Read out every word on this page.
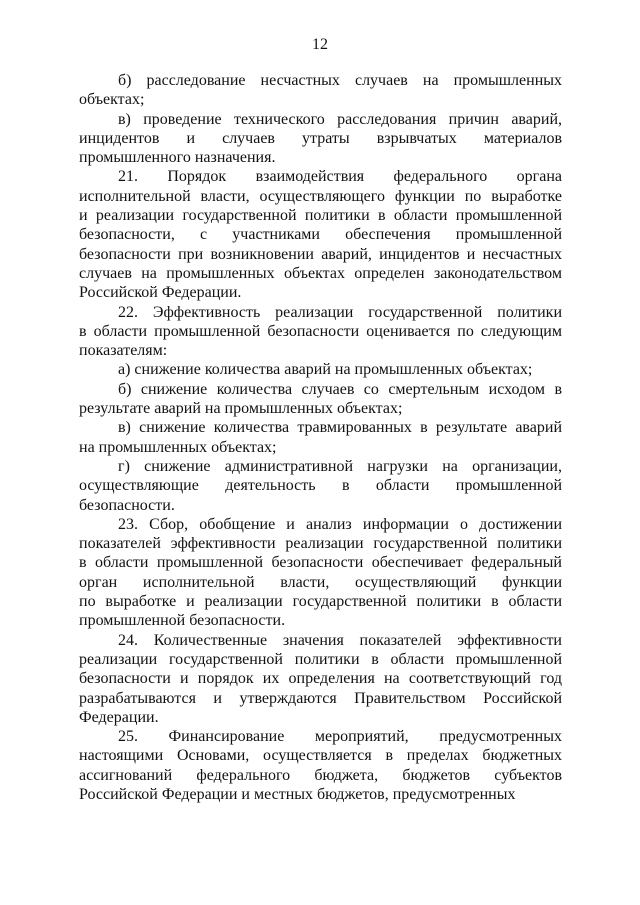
12
б) расследование несчастных случаев на промышленных
объектах;
в) проведение технического расследования причин аварий,
инцидентов и случаев утраты взрывчатых материалов
промышленного назначения.
21. Порядок взаимодействия федерального органа
исполнительной власти, осуществляющего функции по выработке
и реализации государственной политики в области промышленной
безопасности, с участниками обеспечения промышленной
безопасности при возникновении аварий, инцидентов и несчастных
случаев на промышленных объектах определен законодательством
Российской Федерации.
22. Эффективность реализации государственной политики
в области промышленной безопасности оценивается по следующим
показателям:
а) снижение количества аварий на промышленных объектах;
б) снижение количества случаев со смертельным исходом в
результате аварий на промышленных объектах;
в) снижение количества травмированных в результате аварий
на промышленных объектах;
г) снижение административной нагрузки на организации,
осуществляющие деятельность в области промышленной
безопасности.
23. Сбор, обобщение и анализ информации о достижении
показателей эффективности реализации государственной политики
в области промышленной безопасности обеспечивает федеральный
орган исполнительной власти, осуществляющий функции
по выработке и реализации государственной политики в области
промышленной безопасности.
24. Количественные значения показателей эффективности
реализации государственной политики в области промышленной
безопасности и порядок их определения на соответствующий год
разрабатываются и утверждаются Правительством Российской
Федерации.
25. Финансирование мероприятий, предусмотренных
настоящими Основами, осуществляется в пределах бюджетных
ассигнований федерального бюджета, бюджетов субъектов
Российской Федерации и местных бюджетов, предусмотренных
